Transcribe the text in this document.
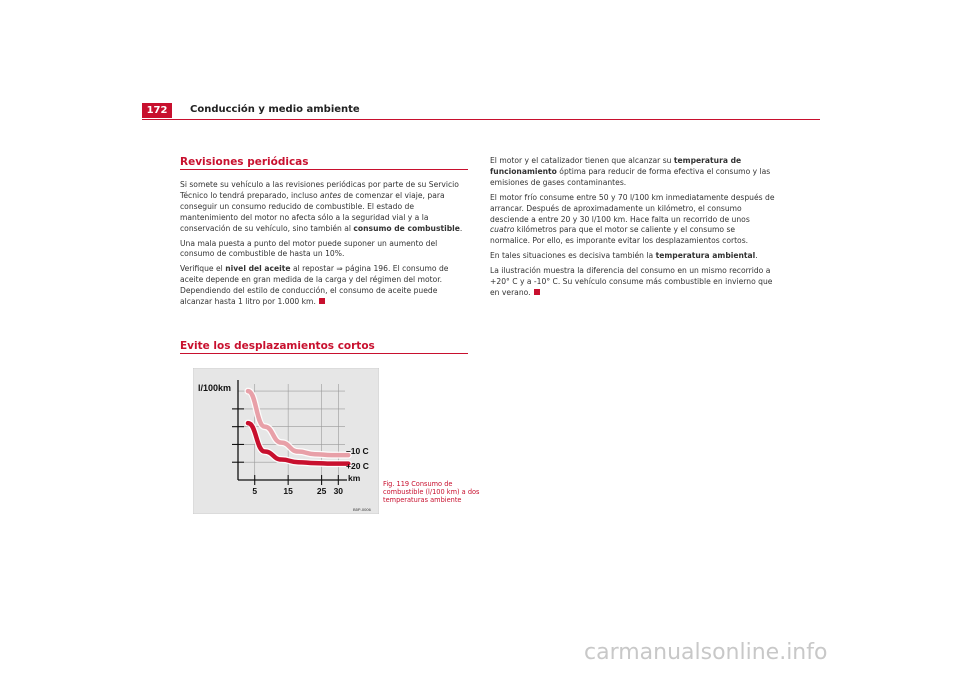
172	Conducción y medio ambiente
Revisiones periódicas

Si somete su vehículo a las revisiones periódicas por parte de su Servicio Técnico lo tendrá preparado, incluso antes de comenzar el viaje, para conseguir un consumo reducido de combustible. El estado de mantenimiento del motor no afecta sólo a la seguridad vial y a la conservación de su vehículo, sino también al consumo de combustible.

Una mala puesta a punto del motor puede suponer un aumento del consumo de combustible de hasta un 10%.

Verifique el nivel del aceite al repostar ⇒ página 196. El consumo de aceite depende en gran medida de la carga y del régimen del motor. Dependiendo del estilo de conducción, el consumo de aceite puede alcanzar hasta 1 litro por 1.000 km.

Evite los desplazamientos cortos

El motor y el catalizador tienen que alcanzar su temperatura de funcionamiento óptima para reducir de forma efectiva el consumo y las emisiones de gases contaminantes.

El motor frío consume entre 50 y 70 l/100 km inmediatamente después de arrancar. Después de aproximadamente un kilómetro, el consumo desciende a entre 20 y 30 l/100 km. Hace falta un recorrido de unos cuatro kilómetros para que el motor se caliente y el consumo se normalice. Por ello, es imporante evitar los desplazamientos cortos.

En tales situaciones es decisiva también la temperatura ambiental.

La ilustración muestra la diferencia del consumo en un mismo recorrido a +20° C y a -10° C. Su vehículo consume más combustible en invierno que en verano.

l/100km
km
–10 C
+20 C
5	15	25 30
B5P-0006
Fig. 119 Consumo de combustible (l/100 km) a dos temperaturas ambiente
carmanualsonline.info
